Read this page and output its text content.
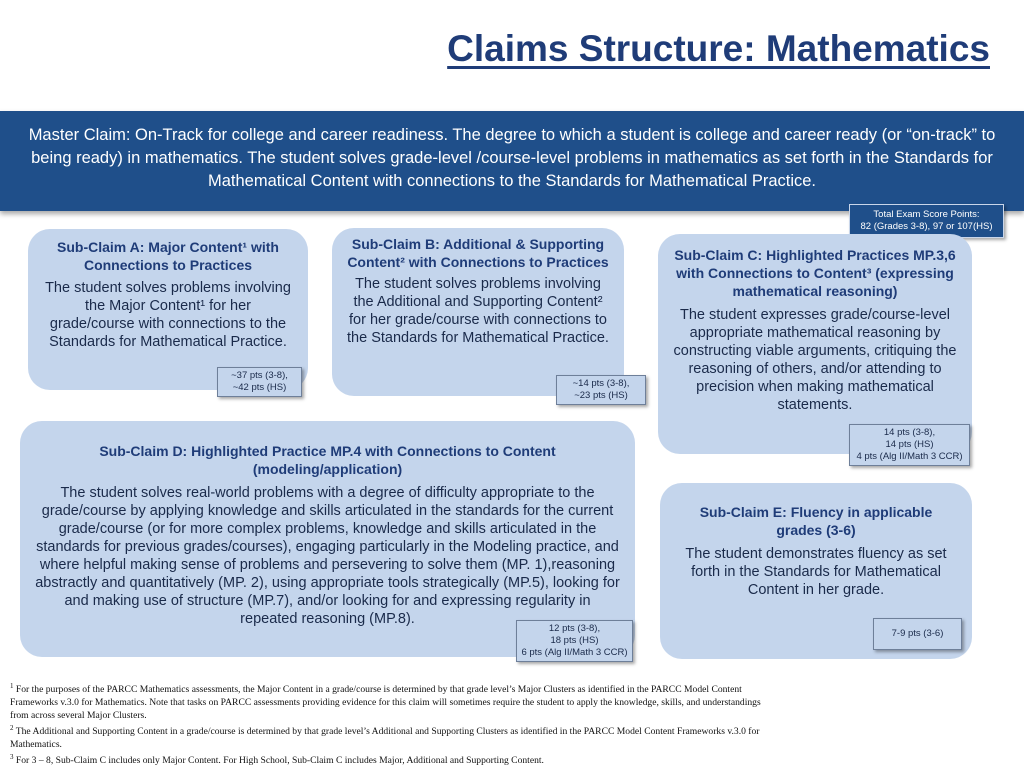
Claims Structure: Mathematics
Master Claim: On-Track for college and career readiness. The degree to which a student is college and career ready (or “on-track” to being ready) in mathematics. The student solves grade-level /course-level problems in mathematics as set forth in the Standards for Mathematical Content with connections to the Standards for Mathematical Practice.
Total Exam Score Points:
82 (Grades 3-8), 97 or 107(HS)
Sub-Claim A: Major Content¹ with Connections to Practices
The student solves problems involving the Major Content¹ for her grade/course with connections to the Standards for Mathematical Practice.
~37 pts (3-8),
~42 pts (HS)
Sub-Claim B: Additional & Supporting Content² with Connections to Practices
The student solves problems involving the Additional and Supporting Content² for her grade/course with connections to the Standards for Mathematical Practice.
~14 pts (3-8),
~23 pts (HS)
Sub-Claim C: Highlighted Practices MP.3,6 with Connections to Content³ (expressing mathematical reasoning)
The student expresses grade/course-level appropriate mathematical reasoning by constructing viable arguments, critiquing the reasoning of others, and/or attending to precision when making mathematical statements.
14 pts (3-8),
14 pts (HS)
4 pts (Alg II/Math 3 CCR)
Sub-Claim D: Highlighted Practice MP.4 with Connections to Content (modeling/application)
The student solves real-world problems with a degree of difficulty appropriate to the grade/course by applying knowledge and skills articulated in the standards for the current grade/course (or for more complex problems, knowledge and skills articulated in the standards for previous grades/courses), engaging particularly in the Modeling practice, and where helpful making sense of problems and persevering to solve them (MP. 1),reasoning abstractly and quantitatively (MP. 2), using appropriate tools strategically (MP.5), looking for and making use of structure (MP.7), and/or looking for and expressing regularity in repeated reasoning (MP.8).
12 pts (3-8),
18 pts (HS)
6 pts (Alg II/Math 3 CCR)
Sub-Claim E: Fluency in applicable grades (3-6)
The student demonstrates fluency as set forth in the Standards for Mathematical Content in her grade.
7-9 pts (3-6)

$^1$ For the purposes of the PARCC Mathematics assessments, the Major Content in a grade/course is determined by that grade level’s Major Clusters as identified in the PARCC Model Content Frameworks v.3.0 for Mathematics. Note that tasks on PARCC assessments providing evidence for this claim will sometimes require the student to apply the knowledge, skills, and understandings from across several Major Clusters.

$^2$ The Additional and Supporting Content in a grade/course is determined by that grade level’s Additional and Supporting Clusters as identified in the PARCC Model Content Frameworks v.3.0 for Mathematics.

$^3$ For 3 – 8, Sub-Claim C includes only Major Content. For High School, Sub-Claim C includes Major, Additional and Supporting Content.
